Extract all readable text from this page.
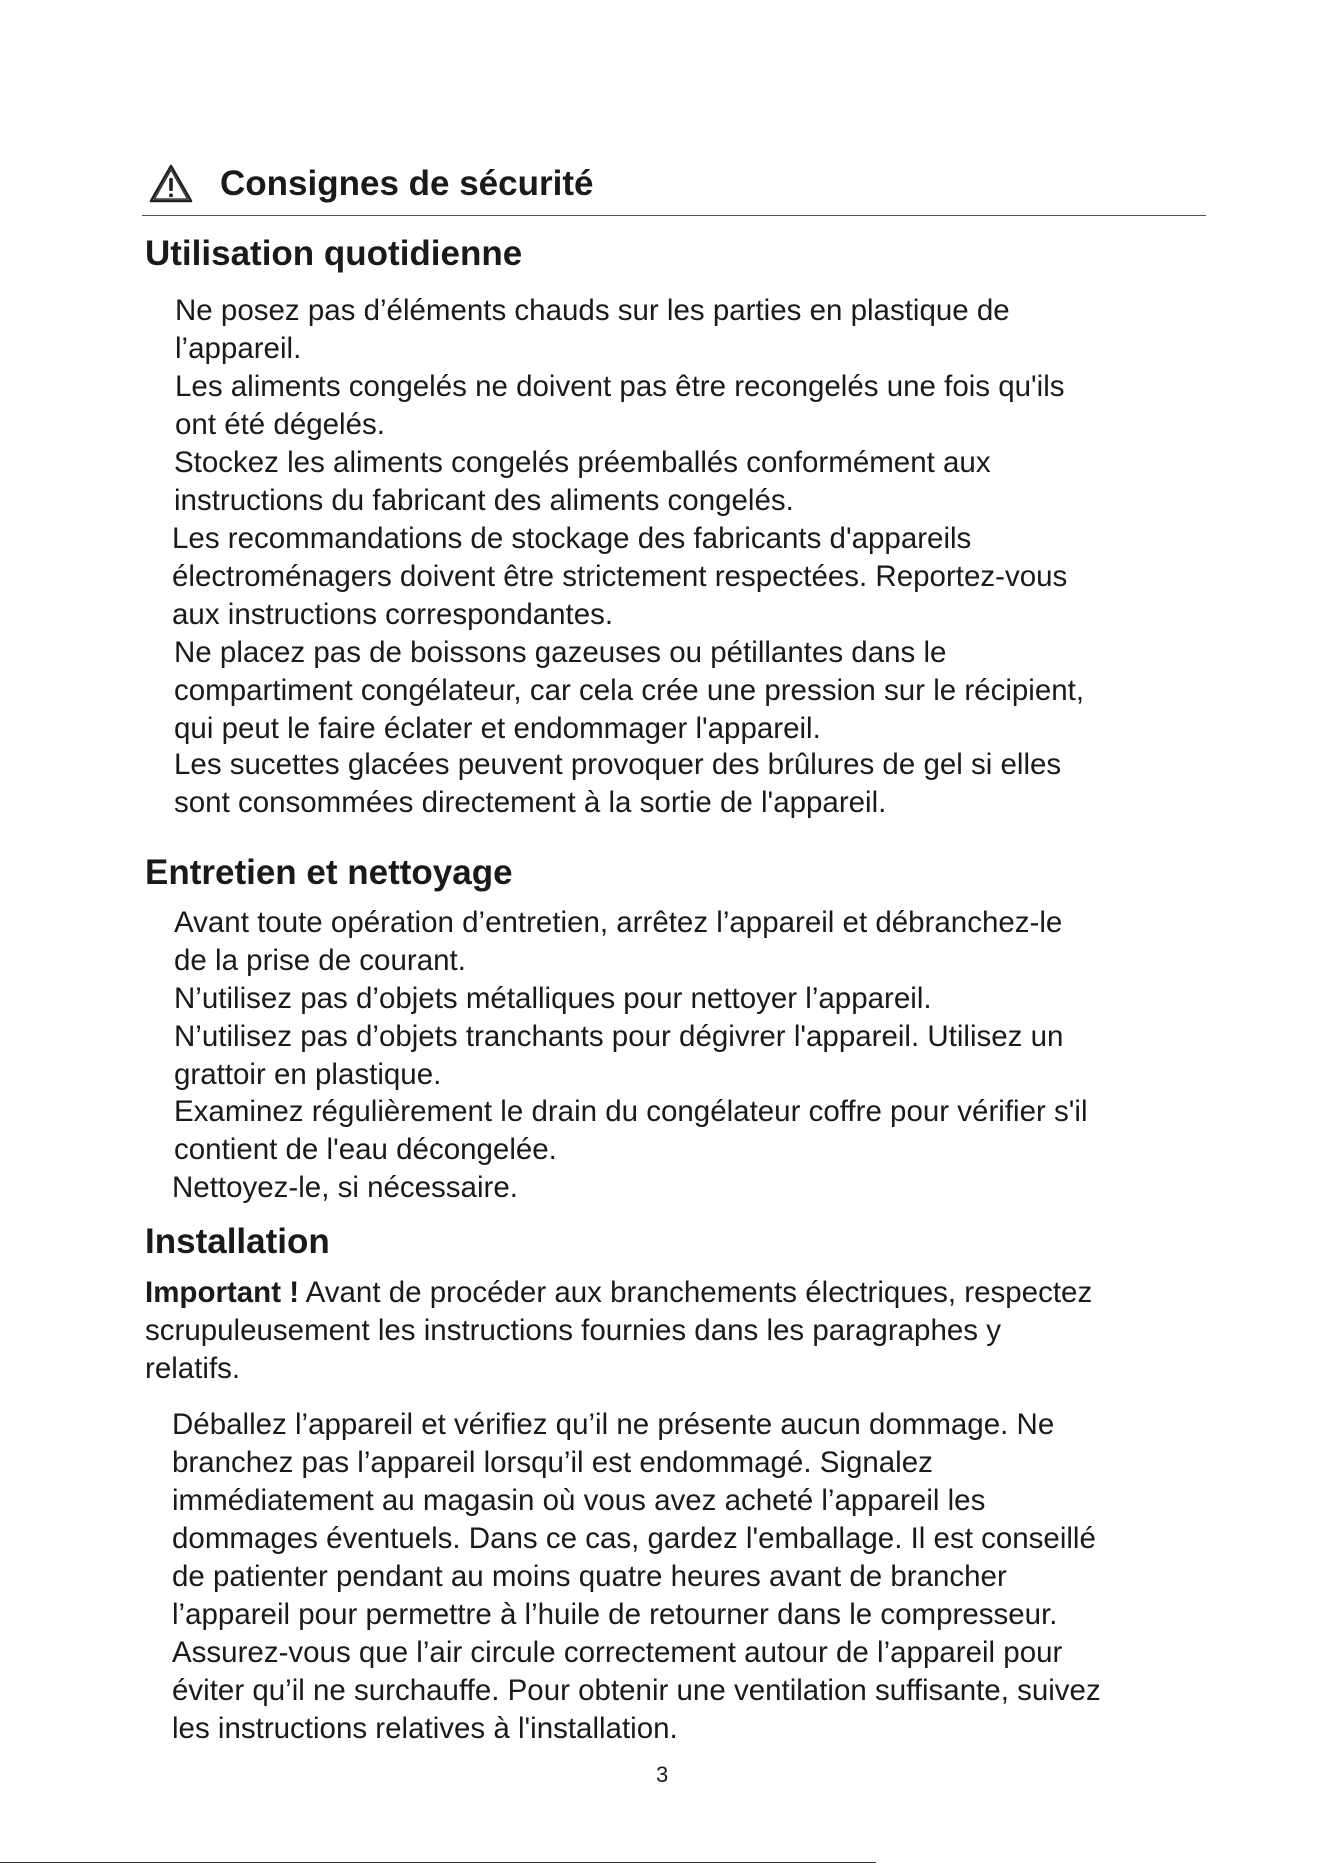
Consignes de sécurité
Utilisation quotidienne
Ne posez pas d’éléments chauds sur les parties en plastique de
l’appareil.
Les aliments congelés ne doivent pas être recongelés une fois qu'ils
ont été dégelés.
Stockez les aliments congelés préemballés conformément aux
instructions du fabricant des aliments congelés.
Les recommandations de stockage des fabricants d'appareils
électroménagers doivent être strictement respectées. Reportez-vous
aux instructions correspondantes.
Ne placez pas de boissons gazeuses ou pétillantes dans le
compartiment congélateur, car cela crée une pression sur le récipient,
qui peut le faire éclater et endommager l'appareil.
Les sucettes glacées peuvent provoquer des brûlures de gel si elles
sont consommées directement à la sortie de l'appareil.
Entretien et nettoyage
Avant toute opération d’entretien, arrêtez l’appareil et débranchez-le
de la prise de courant.
N’utilisez pas d’objets métalliques pour nettoyer l’appareil.
N’utilisez pas d’objets tranchants pour dégivrer l'appareil. Utilisez un
grattoir en plastique.
Examinez régulièrement le drain du congélateur coffre pour vérifier s'il
contient de l'eau décongelée.
Nettoyez-le, si nécessaire.
Installation
Important ! Avant de procéder aux branchements électriques, respectez
scrupuleusement les instructions fournies dans les paragraphes y
relatifs.
Déballez l’appareil et vérifiez qu’il ne présente aucun dommage. Ne
branchez pas l’appareil lorsqu’il est endommagé. Signalez
immédiatement au magasin où vous avez acheté l’appareil les
dommages éventuels. Dans ce cas, gardez l'emballage. Il est conseillé
de patienter pendant au moins quatre heures avant de brancher
l’appareil pour permettre à l’huile de retourner dans le compresseur.
Assurez-vous que l’air circule correctement autour de l’appareil pour
éviter qu’il ne surchauffe. Pour obtenir une ventilation suffisante, suivez
les instructions relatives à l'installation.
3
